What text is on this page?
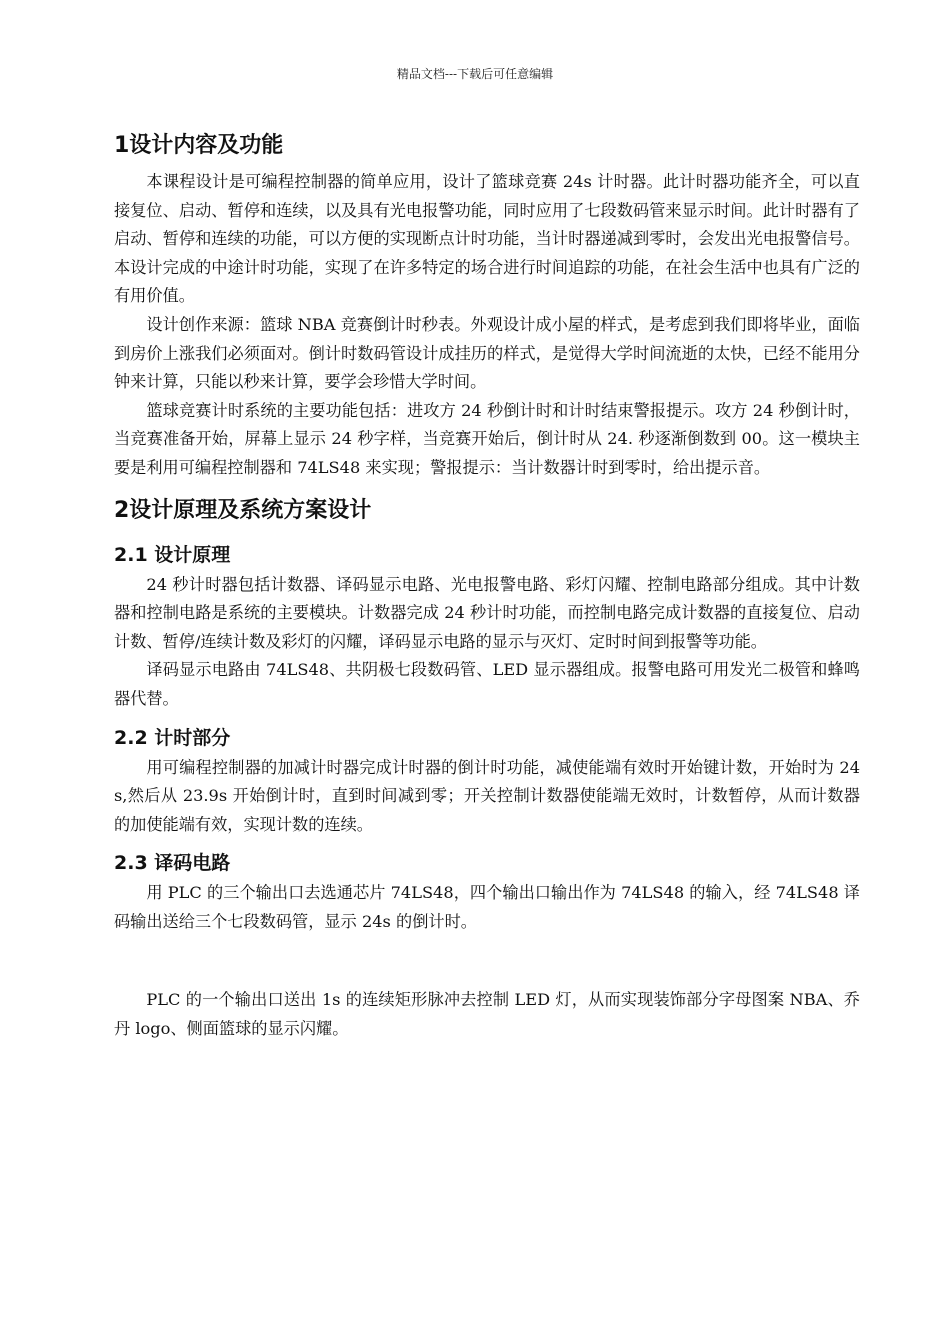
精品文档---下载后可任意编辑
1设计内容及功能

本课程设计是可编程控制器的简单应用，设计了篮球竞赛 24s 计时器。此计时器功能齐全，可以直接复位、启动、暂停和连续，以及具有光电报警功能，同时应用了七段数码管来显示时间。此计时器有了启动、暂停和连续的功能，可以方便的实现断点计时功能，当计时器递减到零时，会发出光电报警信号。本设计完成的中途计时功能，实现了在许多特定的场合进行时间追踪的功能，在社会生活中也具有广泛的有用价值。

设计创作来源：篮球 NBA 竞赛倒计时秒表。外观设计成小屋的样式，是考虑到我们即将毕业，面临到房价上涨我们必须面对。倒计时数码管设计成挂历的样式，是觉得大学时间流逝的太快，已经不能用分钟来计算，只能以秒来计算，要学会珍惜大学时间。

篮球竞赛计时系统的主要功能包括：进攻方 24 秒倒计时和计时结束警报提示。攻方 24 秒倒计时，当竞赛准备开始，屏幕上显示 24 秒字样，当竞赛开始后，倒计时从 24. 秒逐渐倒数到 00。这一模块主要是利用可编程控制器和 74LS48 来实现；警报提示：当计数器计时到零时，给出提示音。

2设计原理及系统方案设计
2.1 设计原理

24 秒计时器包括计数器、译码显示电路、光电报警电路、彩灯闪耀、控制电路部分组成。其中计数器和控制电路是系统的主要模块。计数器完成 24 秒计时功能，而控制电路完成计数器的直接复位、启动计数、暂停/连续计数及彩灯的闪耀，译码显示电路的显示与灭灯、定时时间到报警等功能。

译码显示电路由 74LS48、共阴极七段数码管、LED 显示器组成。报警电路可用发光二极管和蜂鸣器代替。

2.2 计时部分

用可编程控制器的加减计时器完成计时器的倒计时功能，减使能端有效时开始键计数，开始时为 24s,然后从 23.9s 开始倒计时，直到时间减到零；开关控制计数器使能端无效时，计数暂停，从而计数器的加使能端有效，实现计数的连续。

2.3 译码电路

用 PLC 的三个输出口去选通芯片 74LS48，四个输出口输出作为 74LS48 的输入，经 74LS48 译码输出送给三个七段数码管，显示 24s 的倒计时。

PLC 的一个输出口送出 1s 的连续矩形脉冲去控制 LED 灯，从而实现装饰部分字母图案 NBA、乔丹 logo、侧面篮球的显示闪耀。
